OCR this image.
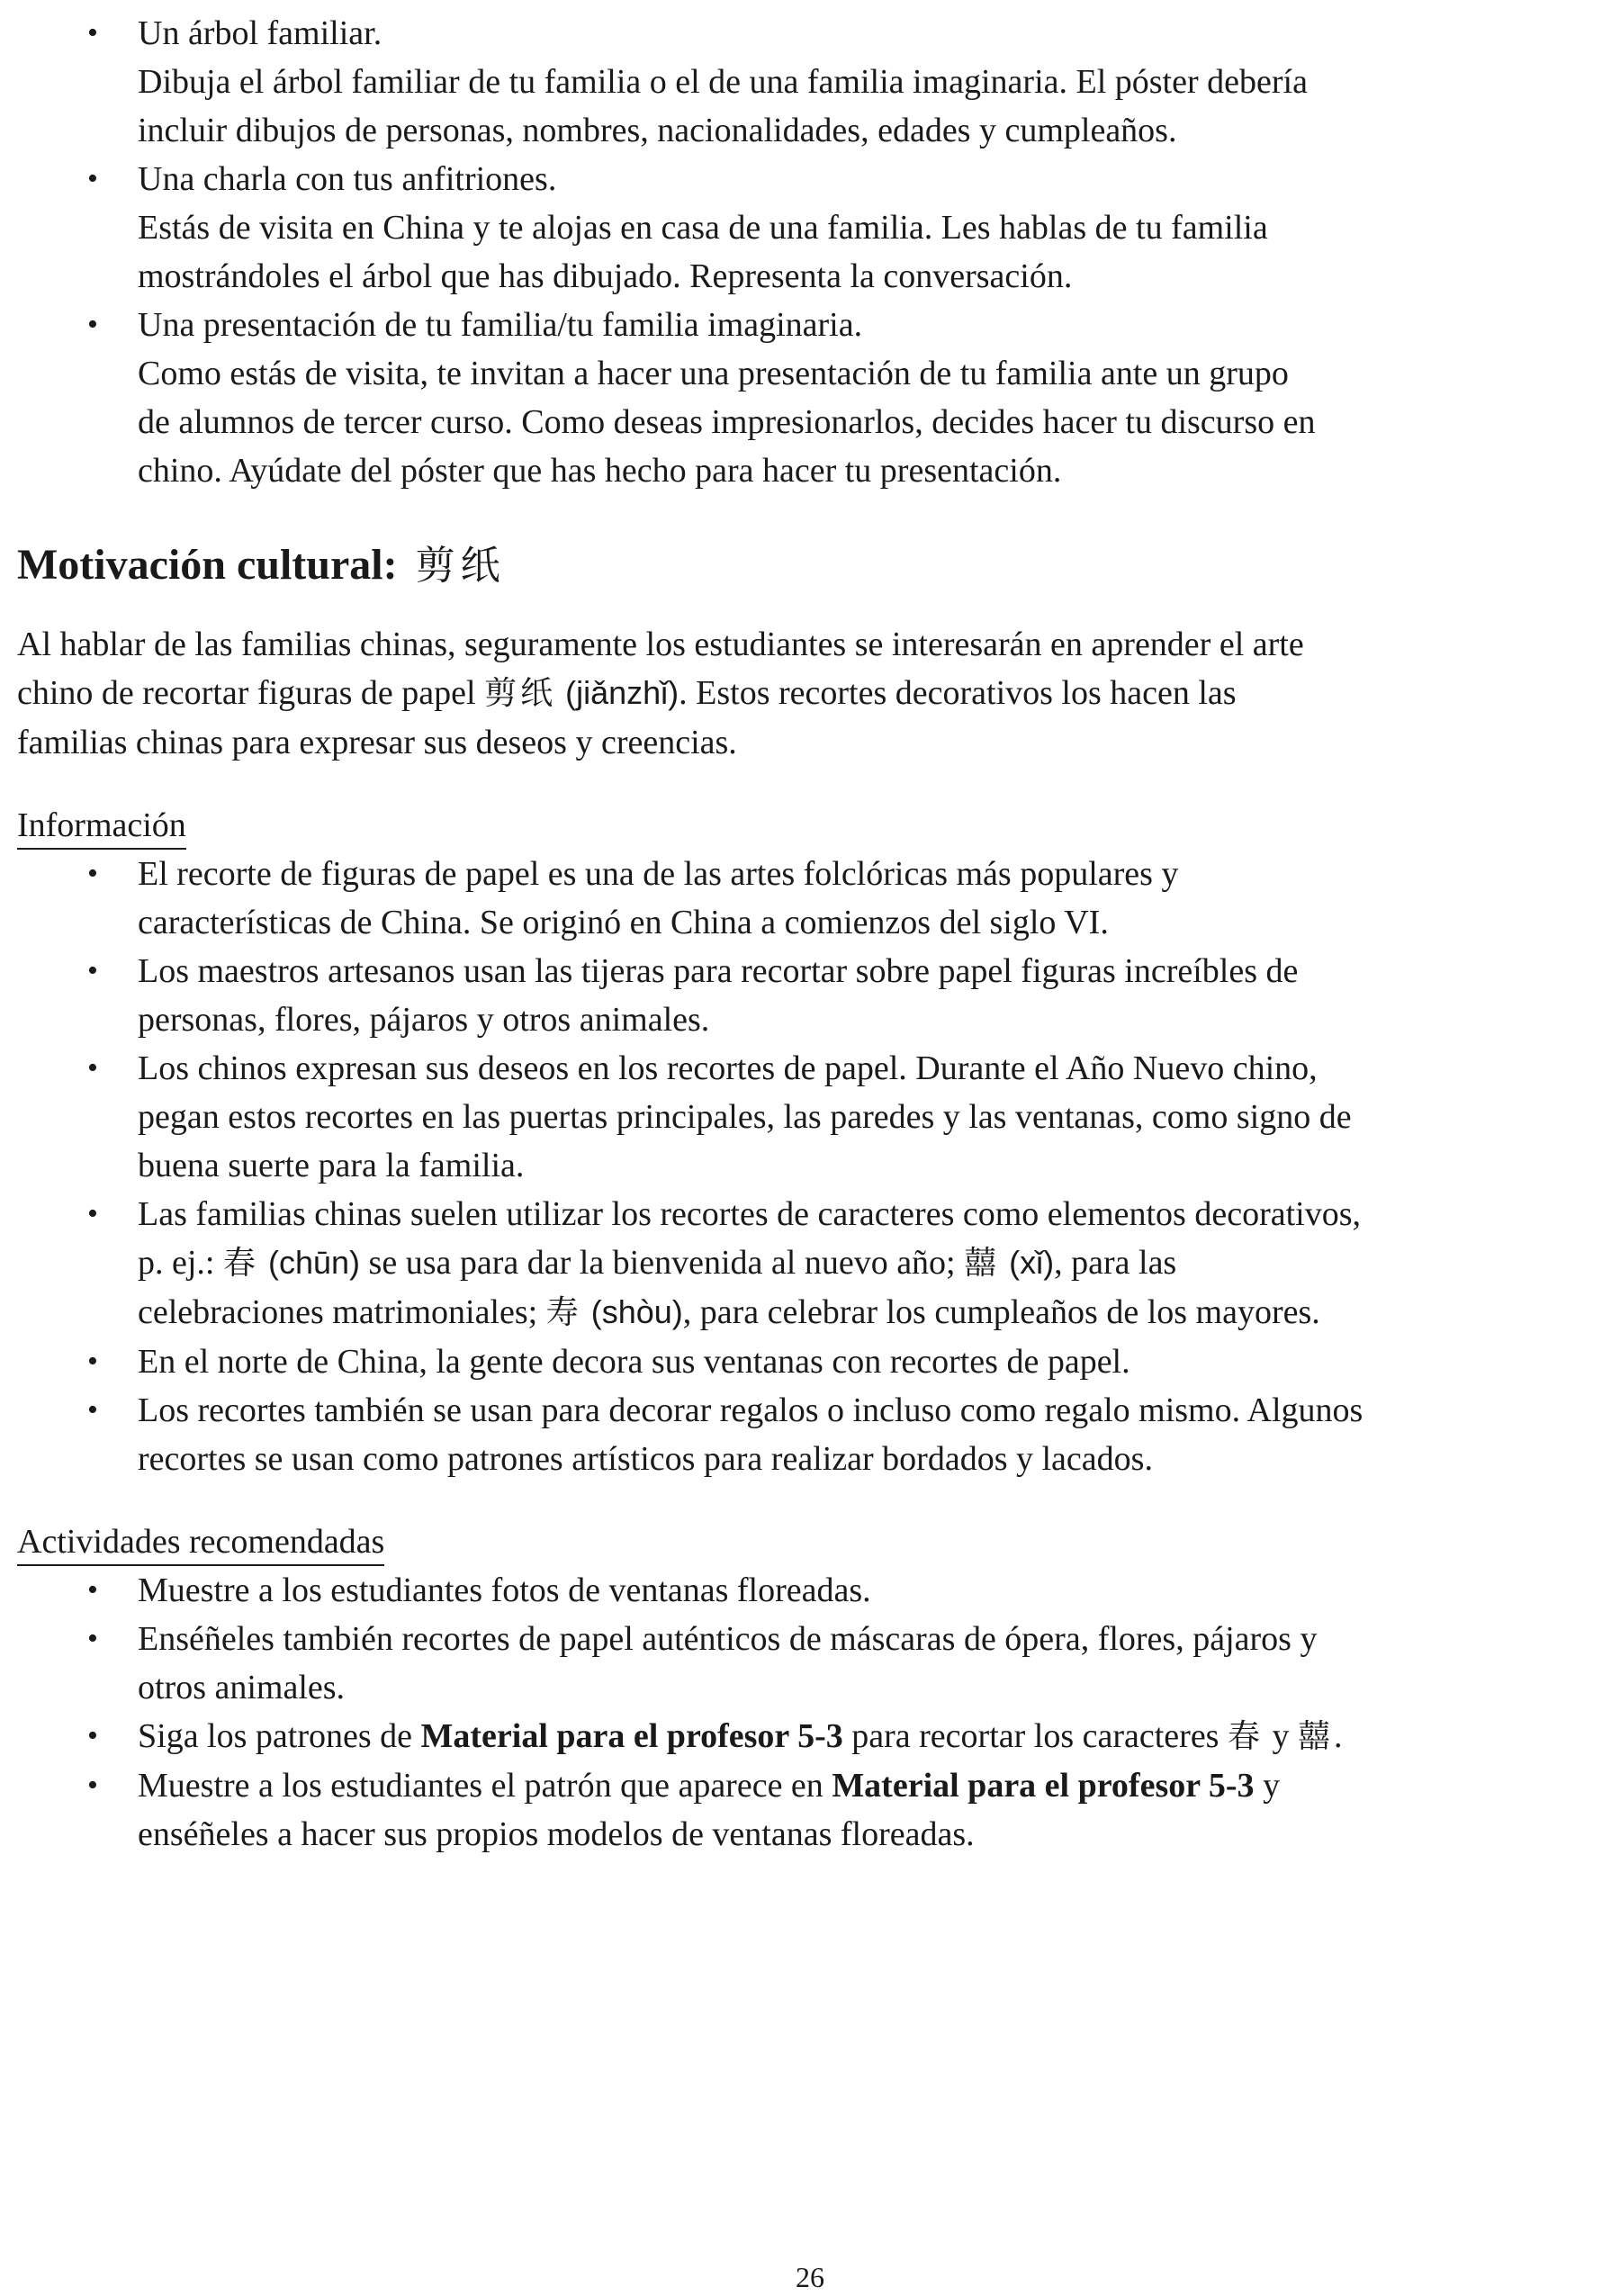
• Un árbol familiar.
Dibuja el árbol familiar de tu familia o el de una familia imaginaria. El póster debería
incluir dibujos de personas, nombres, nacionalidades, edades y cumpleaños.
• Una charla con tus anfitriones.
Estás de visita en China y te alojas en casa de una familia. Les hablas de tu familia
mostrándoles el árbol que has dibujado. Representa la conversación.
• Una presentación de tu familia/tu familia imaginaria.
Como estás de visita, te invitan a hacer una presentación de tu familia ante un grupo
de alumnos de tercer curso. Como deseas impresionarlos, decides hacer tu discurso en
chino. Ayúdate del póster que has hecho para hacer tu presentación.
Motivación cultural: 剪纸
Al hablar de las familias chinas, seguramente los estudiantes se interesarán en aprender el arte
chino de recortar figuras de papel 剪纸 (jiǎnzhǐ). Estos recortes decorativos los hacen las
familias chinas para expresar sus deseos y creencias.
Información
• El recorte de figuras de papel es una de las artes folclóricas más populares y
características de China. Se originó en China a comienzos del siglo VI.
• Los maestros artesanos usan las tijeras para recortar sobre papel figuras increíbles de
personas, flores, pájaros y otros animales.
• Los chinos expresan sus deseos en los recortes de papel. Durante el Año Nuevo chino,
pegan estos recortes en las puertas principales, las paredes y las ventanas, como signo de
buena suerte para la familia.
• Las familias chinas suelen utilizar los recortes de caracteres como elementos decorativos,
p. ej.: 春 (chūn) se usa para dar la bienvenida al nuevo año; 囍 (xǐ), para las
celebraciones matrimoniales; 寿 (shòu), para celebrar los cumpleaños de los mayores.
• En el norte de China, la gente decora sus ventanas con recortes de papel.
• Los recortes también se usan para decorar regalos o incluso como regalo mismo. Algunos
recortes se usan como patrones artísticos para realizar bordados y lacados.
Actividades recomendadas
• Muestre a los estudiantes fotos de ventanas floreadas.
• Enséñeles también recortes de papel auténticos de máscaras de ópera, flores, pájaros y
otros animales.
• Siga los patrones de Material para el profesor 5-3 para recortar los caracteres 春 y 囍.
• Muestre a los estudiantes el patrón que aparece en Material para el profesor 5-3 y
enséñeles a hacer sus propios modelos de ventanas floreadas.
26
